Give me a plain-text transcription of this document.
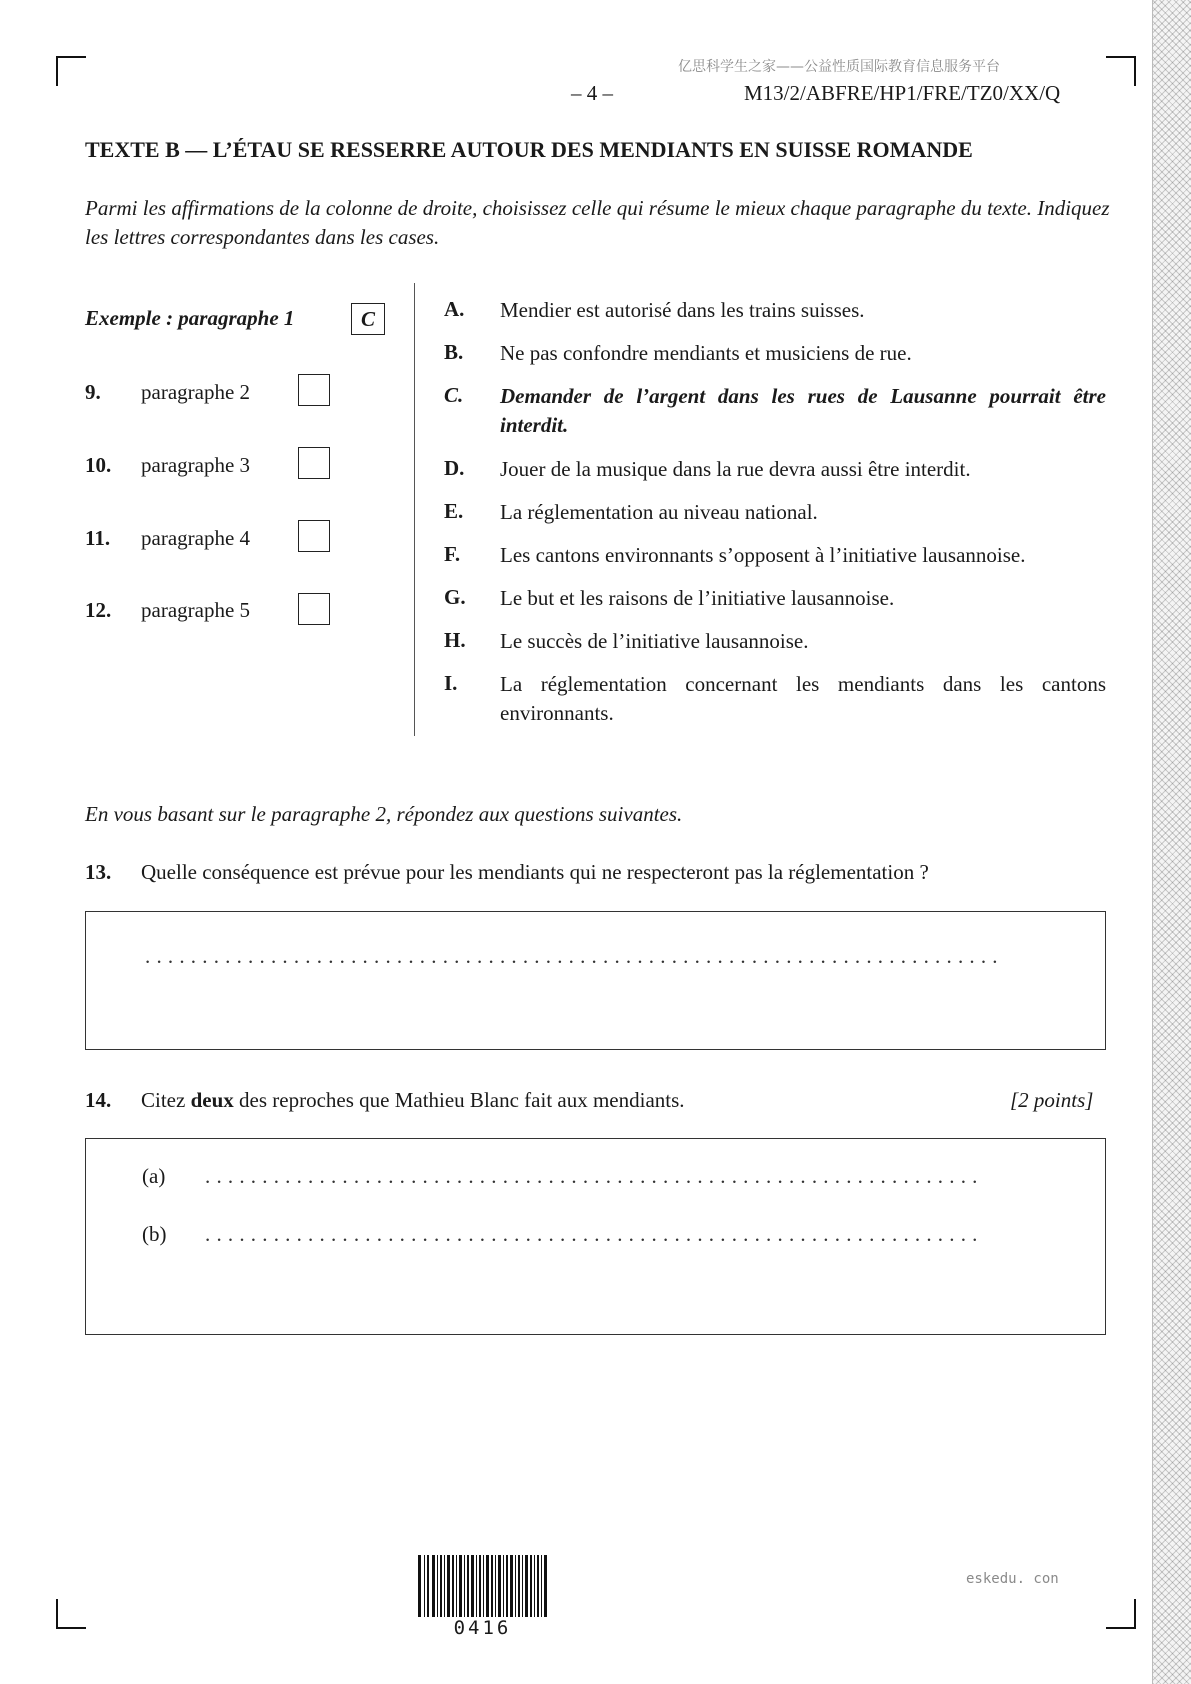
亿思科学生之家——公益性质国际教育信息服务平台
– 4 –	M13/2/ABFRE/HP1/FRE/TZ0/XX/Q
TEXTE B — L’ÉTAU SE RESSERRE AUTOUR DES MENDIANTS EN SUISSE ROMANDE
Parmi les affirmations de la colonne de droite, choisissez celle qui résume le mieux chaque paragraphe du texte. Indiquez les lettres correspondantes dans les cases.
Exemple : paragraphe 1	C
9. paragraphe 2
10. paragraphe 3
11. paragraphe 4
12. paragraphe 5
A. Mendier est autorisé dans les trains suisses.
B. Ne pas confondre mendiants et musiciens de rue.
C. Demander de l’argent dans les rues de Lausanne pourrait être interdit.
D. Jouer de la musique dans la rue devra aussi être interdit.
E. La réglementation au niveau national.
F. Les cantons environnants s’opposent à l’initiative lausannoise.
G. Le but et les raisons de l’initiative lausannoise.
H. Le succès de l’initiative lausannoise.
I. La réglementation concernant les mendiants dans les cantons environnants.
En vous basant sur le paragraphe 2, répondez aux questions suivantes.
13. Quelle conséquence est prévue pour les mendiants qui ne respecteront pas la réglementation ?
...........................................................................
14. Citez deux des reproches que Mathieu Blanc fait aux mendiants.	[2 points]
(a) ....................................................................
(b) ....................................................................
0416
eskedu. con
